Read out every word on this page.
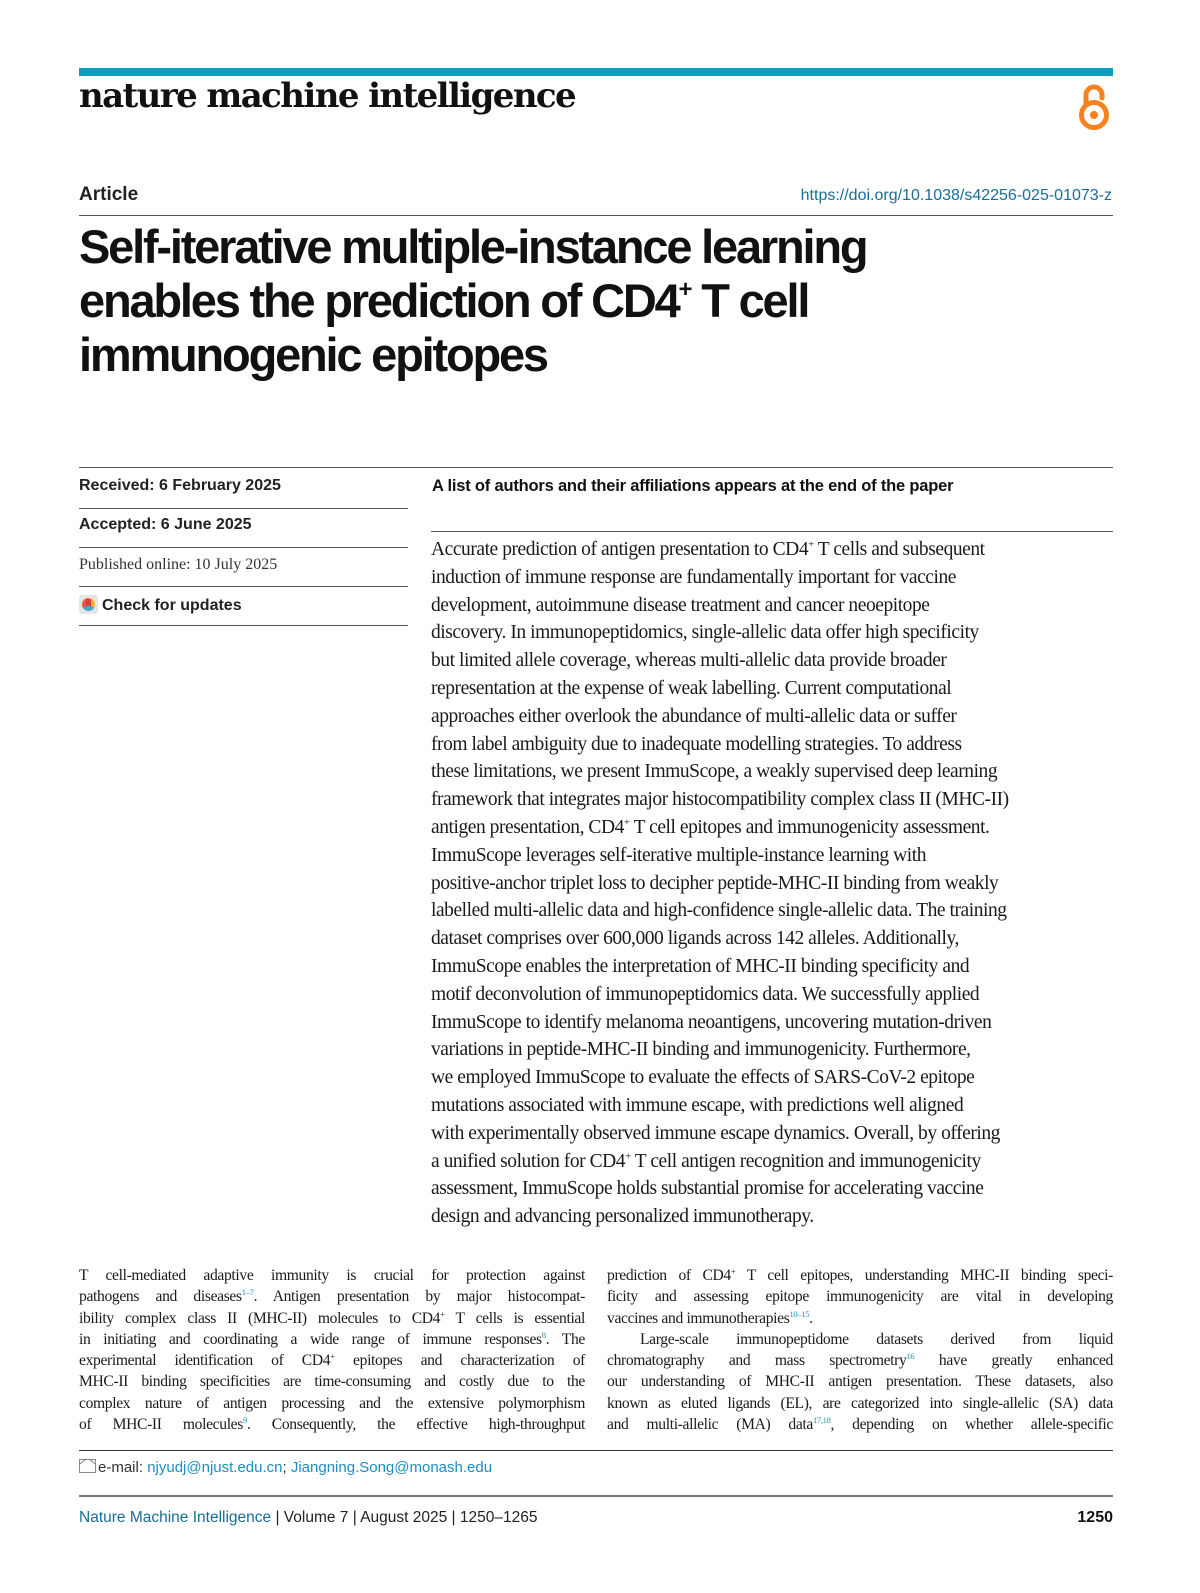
nature machine intelligence
Article	https://doi.org/10.1038/s42256-025-01073-z
Self-iterative multiple-instance learning
enables the prediction of CD4+ T cell
immunogenic epitopes
Received: 6 February 2025
Accepted: 6 June 2025
Published online: 10 July 2025
Check for updates
A list of authors and their affiliations appears at the end of the paper
Accurate prediction of antigen presentation to CD4+ T cells and subsequent
induction of immune response are fundamentally important for vaccine
development, autoimmune disease treatment and cancer neoepitope
discovery. In immunopeptidomics, single-allelic data offer high specificity
but limited allele coverage, whereas multi-allelic data provide broader
representation at the expense of weak labelling. Current computational
approaches either overlook the abundance of multi-allelic data or suffer
from label ambiguity due to inadequate modelling strategies. To address
these limitations, we present ImmuScope, a weakly supervised deep learning
framework that integrates major histocompatibility complex class II (MHC-II)
antigen presentation, CD4+ T cell epitopes and immunogenicity assessment.
ImmuScope leverages self-iterative multiple-instance learning with
positive-anchor triplet loss to decipher peptide-MHC-II binding from weakly
labelled multi-allelic data and high-confidence single-allelic data. The training
dataset comprises over 600,000 ligands across 142 alleles. Additionally,
ImmuScope enables the interpretation of MHC-II binding specificity and
motif deconvolution of immunopeptidomics data. We successfully applied
ImmuScope to identify melanoma neoantigens, uncovering mutation-driven
variations in peptide-MHC-II binding and immunogenicity. Furthermore,
we employed ImmuScope to evaluate the effects of SARS-CoV-2 epitope
mutations associated with immune escape, with predictions well aligned
with experimentally observed immune escape dynamics. Overall, by offering
a unified solution for CD4+ T cell antigen recognition and immunogenicity
assessment, ImmuScope holds substantial promise for accelerating vaccine
design and advancing personalized immunotherapy.
T cell-mediated adaptive immunity is crucial for protection against
pathogens and diseases$^{1-7}$. Antigen presentation by major histocompat-
ibility complex class II (MHC-II) molecules to CD4+ T cells is essential
in initiating and coordinating a wide range of immune responses$^8$. The
experimental identification of CD4+ epitopes and characterization of
MHC-II binding specificities are time-consuming and costly due to the
complex nature of antigen processing and the extensive polymorphism
of MHC-II molecules$^9$. Consequently, the effective high-throughput
prediction of CD4+ T cell epitopes, understanding MHC-II binding speci-
ficity and assessing epitope immunogenicity are vital in developing
vaccines and immunotherapies$^{10-15}$.
Large-scale immunopeptidome datasets derived from liquid
chromatography and mass spectrometry$^{16}$ have greatly enhanced
our understanding of MHC-II antigen presentation. These datasets, also
known as eluted ligands (EL), are categorized into single-allelic (SA) data
and multi-allelic (MA) data$^{17,18}$, depending on whether allele-specific
e-mail: njyudj@njust.edu.cn; Jiangning.Song@monash.edu
Nature Machine Intelligence | Volume 7 | August 2025 | 1250–1265	1250
